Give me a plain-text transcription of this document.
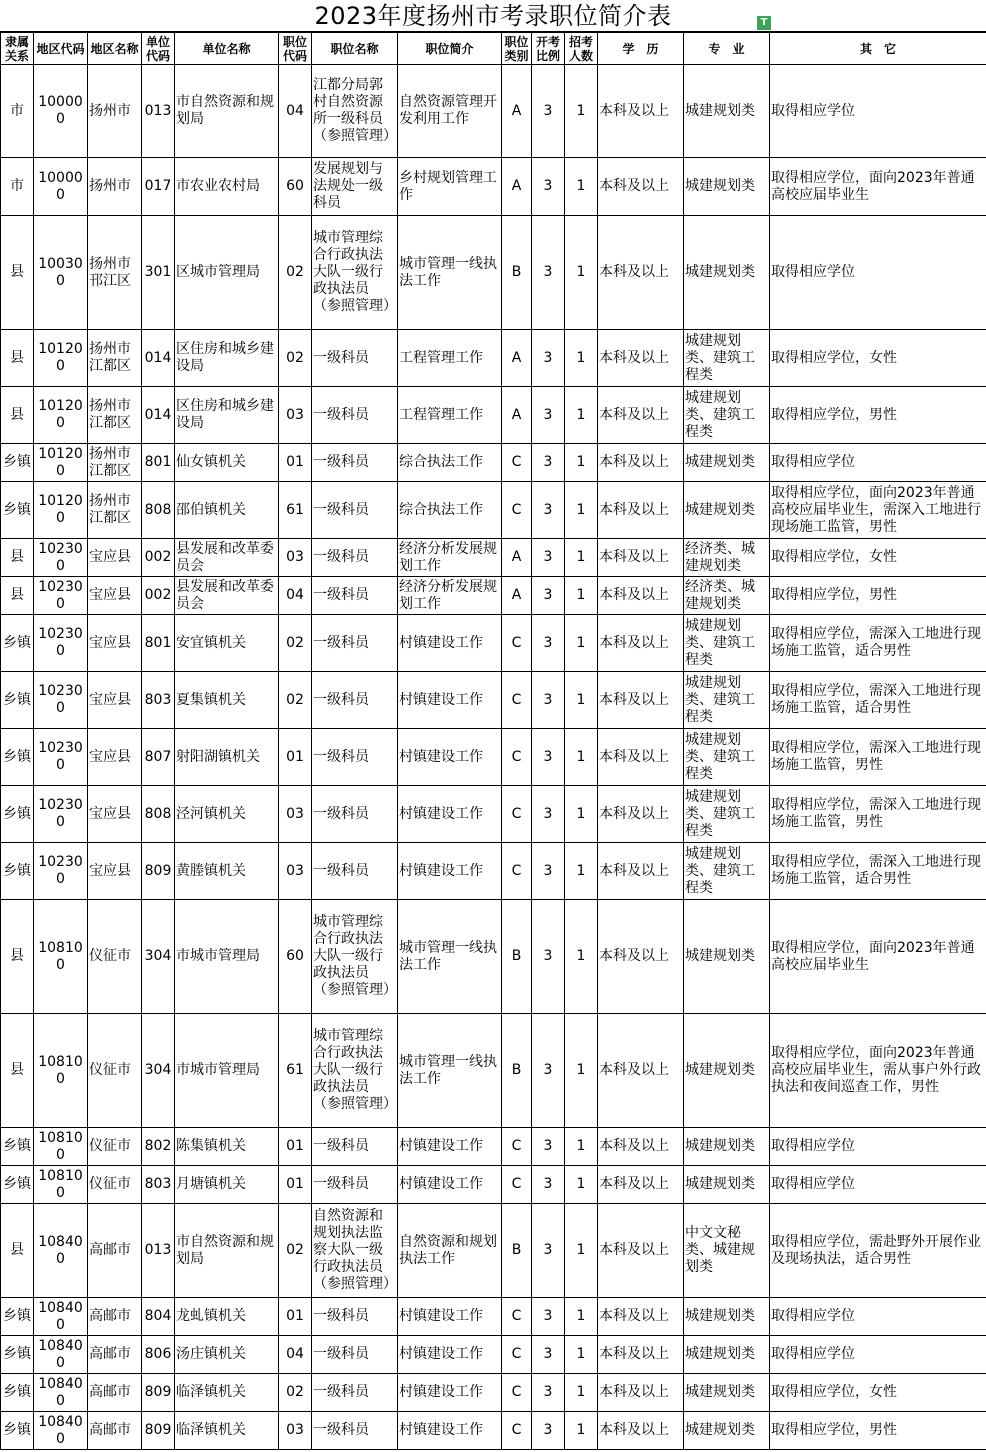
2023年度扬州市考录职位简介表	T
隶属关系	地区代码	地区名称	单位代码	单位名称	职位代码	职位名称	职位简介	职位类别	开考比例	招考人数	学　历	专　业	其　它
市	100000	扬州市	013	市自然资源和规划局	04	江都分局郭村自然资源所一级科员（参照管理）	自然资源管理开发利用工作	A	3	1	本科及以上	城建规划类	取得相应学位
市	100000	扬州市	017	市农业农村局	60	发展规划与法规处一级科员	乡村规划管理工作	A	3	1	本科及以上	城建规划类	取得相应学位，面向2023年普通高校应届毕业生
县	100300	扬州市邗江区	301	区城市管理局	02	城市管理综合行政执法大队一级行政执法员（参照管理）	城市管理一线执法工作	B	3	1	本科及以上	城建规划类	取得相应学位
县	101200	扬州市江都区	014	区住房和城乡建设局	02	一级科员	工程管理工作	A	3	1	本科及以上	城建规划类、建筑工程类	取得相应学位，女性
县	101200	扬州市江都区	014	区住房和城乡建设局	03	一级科员	工程管理工作	A	3	1	本科及以上	城建规划类、建筑工程类	取得相应学位，男性
乡镇	101200	扬州市江都区	801	仙女镇机关	01	一级科员	综合执法工作	C	3	1	本科及以上	城建规划类	取得相应学位
乡镇	101200	扬州市江都区	808	邵伯镇机关	61	一级科员	综合执法工作	C	3	1	本科及以上	城建规划类	取得相应学位，面向2023年普通高校应届毕业生，需深入工地进行现场施工监管，男性
县	102300	宝应县	002	县发展和改革委员会	03	一级科员	经济分析发展规划工作	A	3	1	本科及以上	经济类、城建规划类	取得相应学位，女性
县	102300	宝应县	002	县发展和改革委员会	04	一级科员	经济分析发展规划工作	A	3	1	本科及以上	经济类、城建规划类	取得相应学位，男性
乡镇	102300	宝应县	801	安宜镇机关	02	一级科员	村镇建设工作	C	3	1	本科及以上	城建规划类、建筑工程类	取得相应学位，需深入工地进行现场施工监管，适合男性
乡镇	102300	宝应县	803	夏集镇机关	02	一级科员	村镇建设工作	C	3	1	本科及以上	城建规划类、建筑工程类	取得相应学位，需深入工地进行现场施工监管，适合男性
乡镇	102300	宝应县	807	射阳湖镇机关	01	一级科员	村镇建设工作	C	3	1	本科及以上	城建规划类、建筑工程类	取得相应学位，需深入工地进行现场施工监管，男性
乡镇	102300	宝应县	808	泾河镇机关	03	一级科员	村镇建设工作	C	3	1	本科及以上	城建规划类、建筑工程类	取得相应学位，需深入工地进行现场施工监管，男性
乡镇	102300	宝应县	809	黄塍镇机关	03	一级科员	村镇建设工作	C	3	1	本科及以上	城建规划类、建筑工程类	取得相应学位，需深入工地进行现场施工监管，适合男性
县	108100	仪征市	304	市城市管理局	60	城市管理综合行政执法大队一级行政执法员（参照管理）	城市管理一线执法工作	B	3	1	本科及以上	城建规划类	取得相应学位，面向2023年普通高校应届毕业生
县	108100	仪征市	304	市城市管理局	61	城市管理综合行政执法大队一级行政执法员（参照管理）	城市管理一线执法工作	B	3	1	本科及以上	城建规划类	取得相应学位，面向2023年普通高校应届毕业生，需从事户外行政执法和夜间巡查工作，男性
乡镇	108100	仪征市	802	陈集镇机关	01	一级科员	村镇建设工作	C	3	1	本科及以上	城建规划类	取得相应学位
乡镇	108100	仪征市	803	月塘镇机关	01	一级科员	村镇建设工作	C	3	1	本科及以上	城建规划类	取得相应学位
县	108400	高邮市	013	市自然资源和规划局	02	自然资源和规划执法监察大队一级行政执法员（参照管理）	自然资源和规划执法工作	B	3	1	本科及以上	中文文秘类、城建规划类	取得相应学位，需赴野外开展作业及现场执法，适合男性
乡镇	108400	高邮市	804	龙虬镇机关	01	一级科员	村镇建设工作	C	3	1	本科及以上	城建规划类	取得相应学位
乡镇	108400	高邮市	806	汤庄镇机关	04	一级科员	村镇建设工作	C	3	1	本科及以上	城建规划类	取得相应学位
乡镇	108400	高邮市	809	临泽镇机关	02	一级科员	村镇建设工作	C	3	1	本科及以上	城建规划类	取得相应学位，女性
乡镇	108400	高邮市	809	临泽镇机关	03	一级科员	村镇建设工作	C	3	1	本科及以上	城建规划类	取得相应学位，男性
